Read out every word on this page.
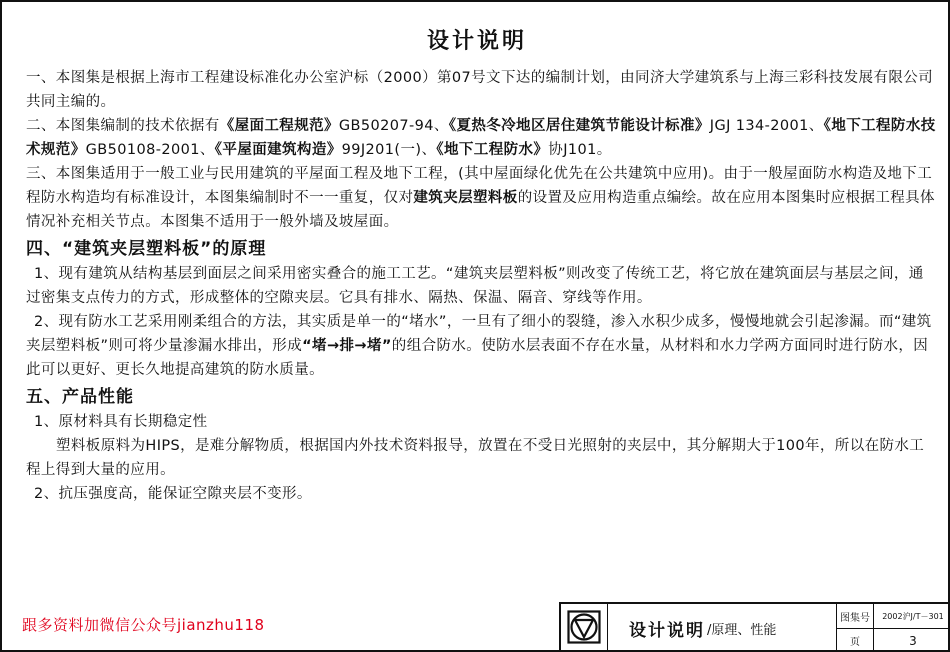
设计说明

一、本图集是根据上海市工程建设标准化办公室沪标（2000）第07号文下达的编制计划，由同济大学建筑系与上海三彩科技发展有限公司共同主编的。

二、本图集编制的技术依据有《屋面工程规范》GB50207-94、《夏热冬冷地区居住建筑节能设计标准》JGJ 134-2001、《地下工程防水技术规范》GB50108-2001、《平屋面建筑构造》99J201(一)、《地下工程防水》协J101。

三、本图集适用于一般工业与民用建筑的平屋面工程及地下工程，(其中屋面绿化优先在公共建筑中应用)。由于一般屋面防水构造及地下工程防水构造均有标准设计，本图集编制时不一一重复，仅对建筑夹层塑料板的设置及应用构造重点编绘。故在应用本图集时应根据工程具体情况补充相关节点。本图集不适用于一般外墙及坡屋面。

四、“建筑夹层塑料板”的原理

1、现有建筑从结构基层到面层之间采用密实叠合的施工工艺。“建筑夹层塑料板”则改变了传统工艺，将它放在建筑面层与基层之间，通过密集支点传力的方式，形成整体的空隙夹层。它具有排水、隔热、保温、隔音、穿线等作用。

2、现有防水工艺采用刚柔组合的方法，其实质是单一的“堵水”，一旦有了细小的裂缝，渗入水积少成多，慢慢地就会引起渗漏。而“建筑夹层塑料板”则可将少量渗漏水排出，形成“堵→排→堵”的组合防水。使防水层表面不存在水量，从材料和水力学两方面同时进行防水，因此可以更好、更长久地提高建筑的防水质量。

五、产品性能

1、原材料具有长期稳定性

塑料板原料为HIPS，是难分解物质，根据国内外技术资料报导，放置在不受日光照射的夹层中，其分解期大于100年，所以在防水工程上得到大量的应用。

2、抗压强度高，能保证空隙夹层不变形。

跟多资料加微信公众号jianzhu118	设计说明 /原理、性能
图集号	2002沪J/T－301
页	3
